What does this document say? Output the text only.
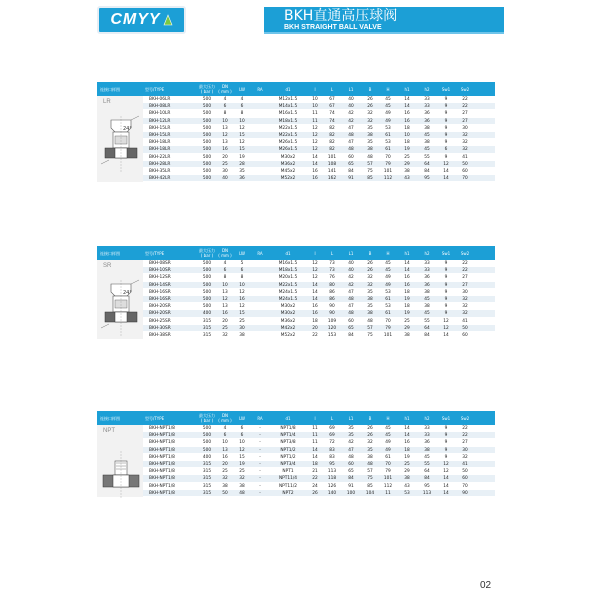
CMYY	BKH直通高压球阀
BKH STRAIGHT BALL VALVE
连接口样图	型号/TYPE	最大压力
( bar )
DN
( mm )	LW	RA	d1	l	L	L1	B	H	h1	h2	Sw1	Sw2
LR
24°
BKH-06LR	500	4	4	M12x1.5	10	67	40	26	45	14	33	9	22
BKH-08LR	500	6	6	M14x1.5	10	67	40	26	45	14	33	9	22
BKH-10LR	500	8	8	M16x1.5	11	74	42	32	49	16	36	9	27
BKH-12LR	500	10	10	M18x1.5	11	74	42	32	49	16	36	9	27
BKH-15LR	500	13	12	M22x1.5	12	82	47	35	53	18	38	9	30
BKH-15LR	500	12	15	M22x1.5	12	82	48	38	61	10	45	9	32
BKH-18LR	500	13	12	M26x1.5	12	82	47	35	53	18	38	9	32
BKH-18LR	500	16	15	M26x1.5	12	82	48	38	61	19	45	6	32
BKH-22LR	500	20	19	M30x2	14	101	60	48	70	25	55	9	41
BKH-28LR	500	25	28	M36x2	14	108	65	57	79	29	64	12	50
BKH-35LR	500	30	35	M45x2	16	141	84	75	101	38	84	14	60
BKH-42LR	500	40	36	M52x2	16	162	91	85	112	43	95	14	70
连接口样图	型号/TYPE	最大压力
( bar )
DN
( mm )	LW	RA	d1	l	L	L1	B	H	h1	h2	Sw1	Sw2
SR
24°
BKH-08SR	500	4	5	M16x1.5	12	73	40	26	45	14	33	9	22
BKH-10SR	500	6	6	M18x1.5	12	73	40	26	45	14	33	9	22
BKH-12SR	500	8	8	M20x1.5	12	76	42	32	49	16	36	9	27
BKH-14SR	500	10	10	M22x1.5	14	80	42	32	49	16	36	9	27
BKH-16SR	500	13	12	M24x1.5	14	86	47	35	53	18	38	9	30
BKH-16SR	500	12	16	M24x1.5	14	86	48	38	61	19	45	9	32
BKH-20SR	500	13	12	M30x2	16	90	47	35	53	18	38	9	32
BKH-20SR	400	16	15	M30x2	16	90	48	38	61	19	45	9	32
BKH-25SR	315	20	25	M36x2	18	109	60	48	70	25	55	12	41
BKH-30SR	315	25	30	M42x2	20	120	65	57	79	29	64	12	50
BKH-38SR	315	32	38	M52x2	22	153	84	75	101	38	84	14	60
连接口样图	型号/TYPE	最大压力
( bar )
DN
( mm )	LW	RA	d1	l	L	L1	B	H	h1	h2	Sw1	Sw2
NPT	BKH-NPT1/8	500	4	6	-	NPT1/8	11	69	35	26	45	14	33	9	22
BKH-NPT1/8	500	6	6	-	NPT1/4	11	69	35	26	45	14	33	9	22
BKH-NPT1/8	500	10	10	-	NPT3/8	11	72	42	32	49	16	36	9	27
BKH-NPT1/8	500	13	12	-	NPT1/2	14	83	47	35	49	18	38	9	30
BKH-NPT1/8	400	16	15	-	NPT1/2	14	83	48	38	61	19	45	9	32
BKH-NPT1/8	315	20	19	-	NPT3/4	18	95	60	48	70	25	55	12	41
BKH-NPT1/8	315	25	25	-	NPT1	21	113	65	57	79	29	64	12	50
BKH-NPT1/8	315	32	32	-	NPT11/4	22	118	84	75	101	38	84	14	60
BKH-NPT1/8	315	38	38	-	NPT11/2	24	126	91	85	112	43	95	14	70
BKH-NPT1/8	315	50	48	-	NPT2	26	140	100	104	11	53	113	14	90
02
